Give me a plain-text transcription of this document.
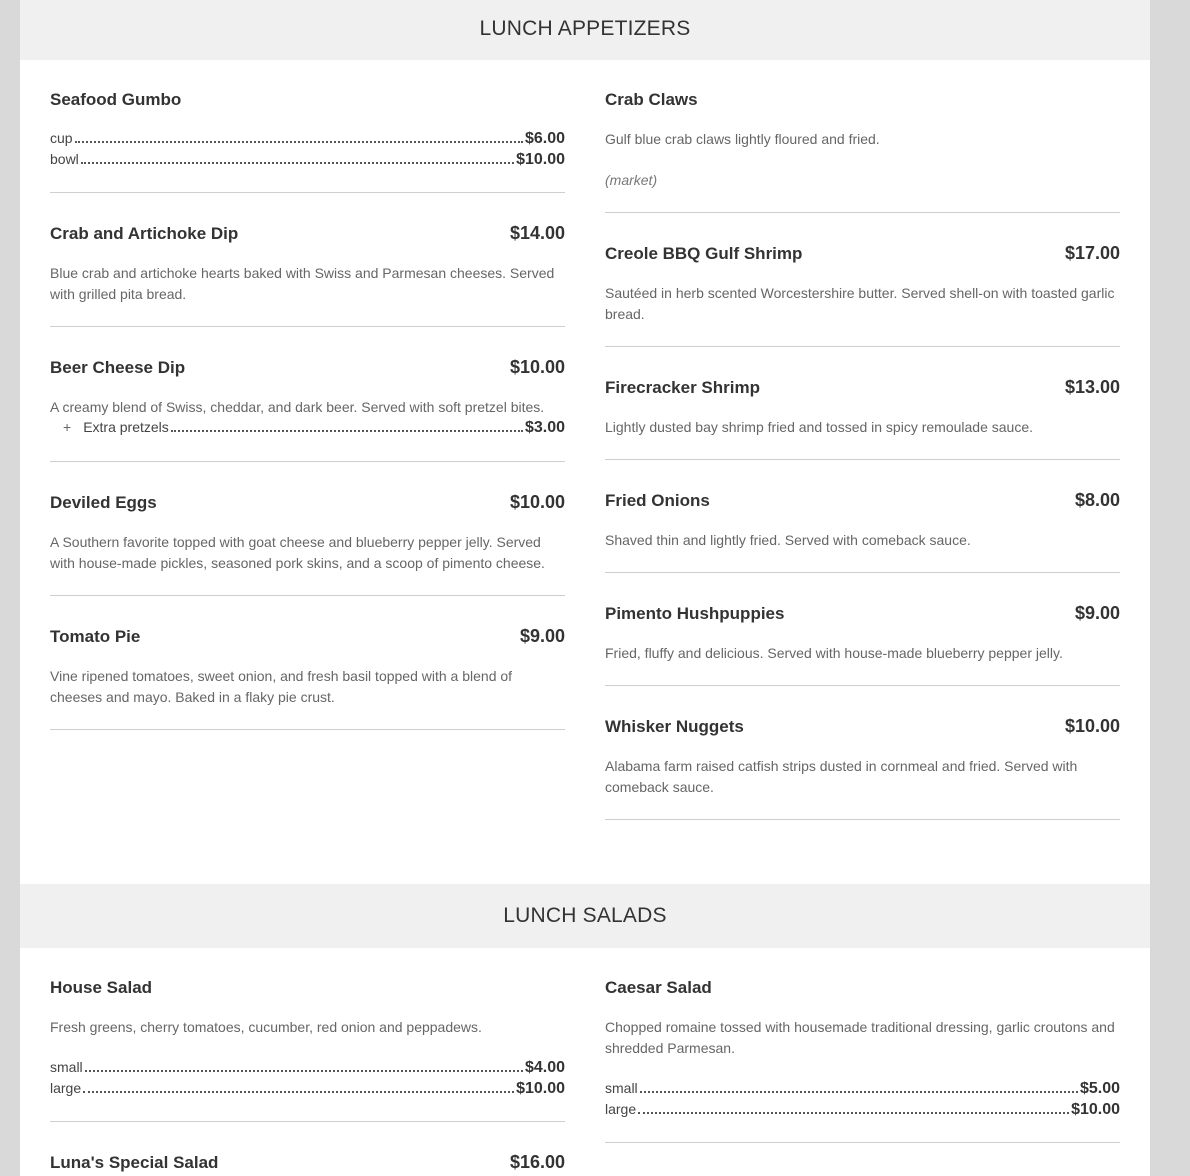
LUNCH APPETIZERS
Seafood Gumbo
cup	$6.00
bowl	$10.00
Crab and Artichoke Dip	$14.00
Blue crab and artichoke hearts baked with Swiss and Parmesan cheeses. Served with grilled pita bread.
Beer Cheese Dip	$10.00
A creamy blend of Swiss, cheddar, and dark beer. Served with soft pretzel bites.
+ Extra pretzels	$3.00
Deviled Eggs	$10.00
A Southern favorite topped with goat cheese and blueberry pepper jelly. Served with house-made pickles, seasoned pork skins, and a scoop of pimento cheese.
Tomato Pie	$9.00
Vine ripened tomatoes, sweet onion, and fresh basil topped with a blend of cheeses and mayo. Baked in a flaky pie crust.
Crab Claws
Gulf blue crab claws lightly floured and fried.
(market)
Creole BBQ Gulf Shrimp	$17.00
Sautéed in herb scented Worcestershire butter. Served shell-on with toasted garlic bread.
Firecracker Shrimp	$13.00
Lightly dusted bay shrimp fried and tossed in spicy remoulade sauce.
Fried Onions	$8.00
Shaved thin and lightly fried. Served with comeback sauce.
Pimento Hushpuppies	$9.00
Fried, fluffy and delicious. Served with house-made blueberry pepper jelly.
Whisker Nuggets	$10.00
Alabama farm raised catfish strips dusted in cornmeal and fried. Served with comeback sauce.
LUNCH SALADS
House Salad
Fresh greens, cherry tomatoes, cucumber, red onion and peppadews.
small	$4.00
large	$10.00
Luna's Special Salad	$16.00
Caesar Salad
Chopped romaine tossed with housemade traditional dressing, garlic croutons and shredded Parmesan.
small	$5.00
large	$10.00
